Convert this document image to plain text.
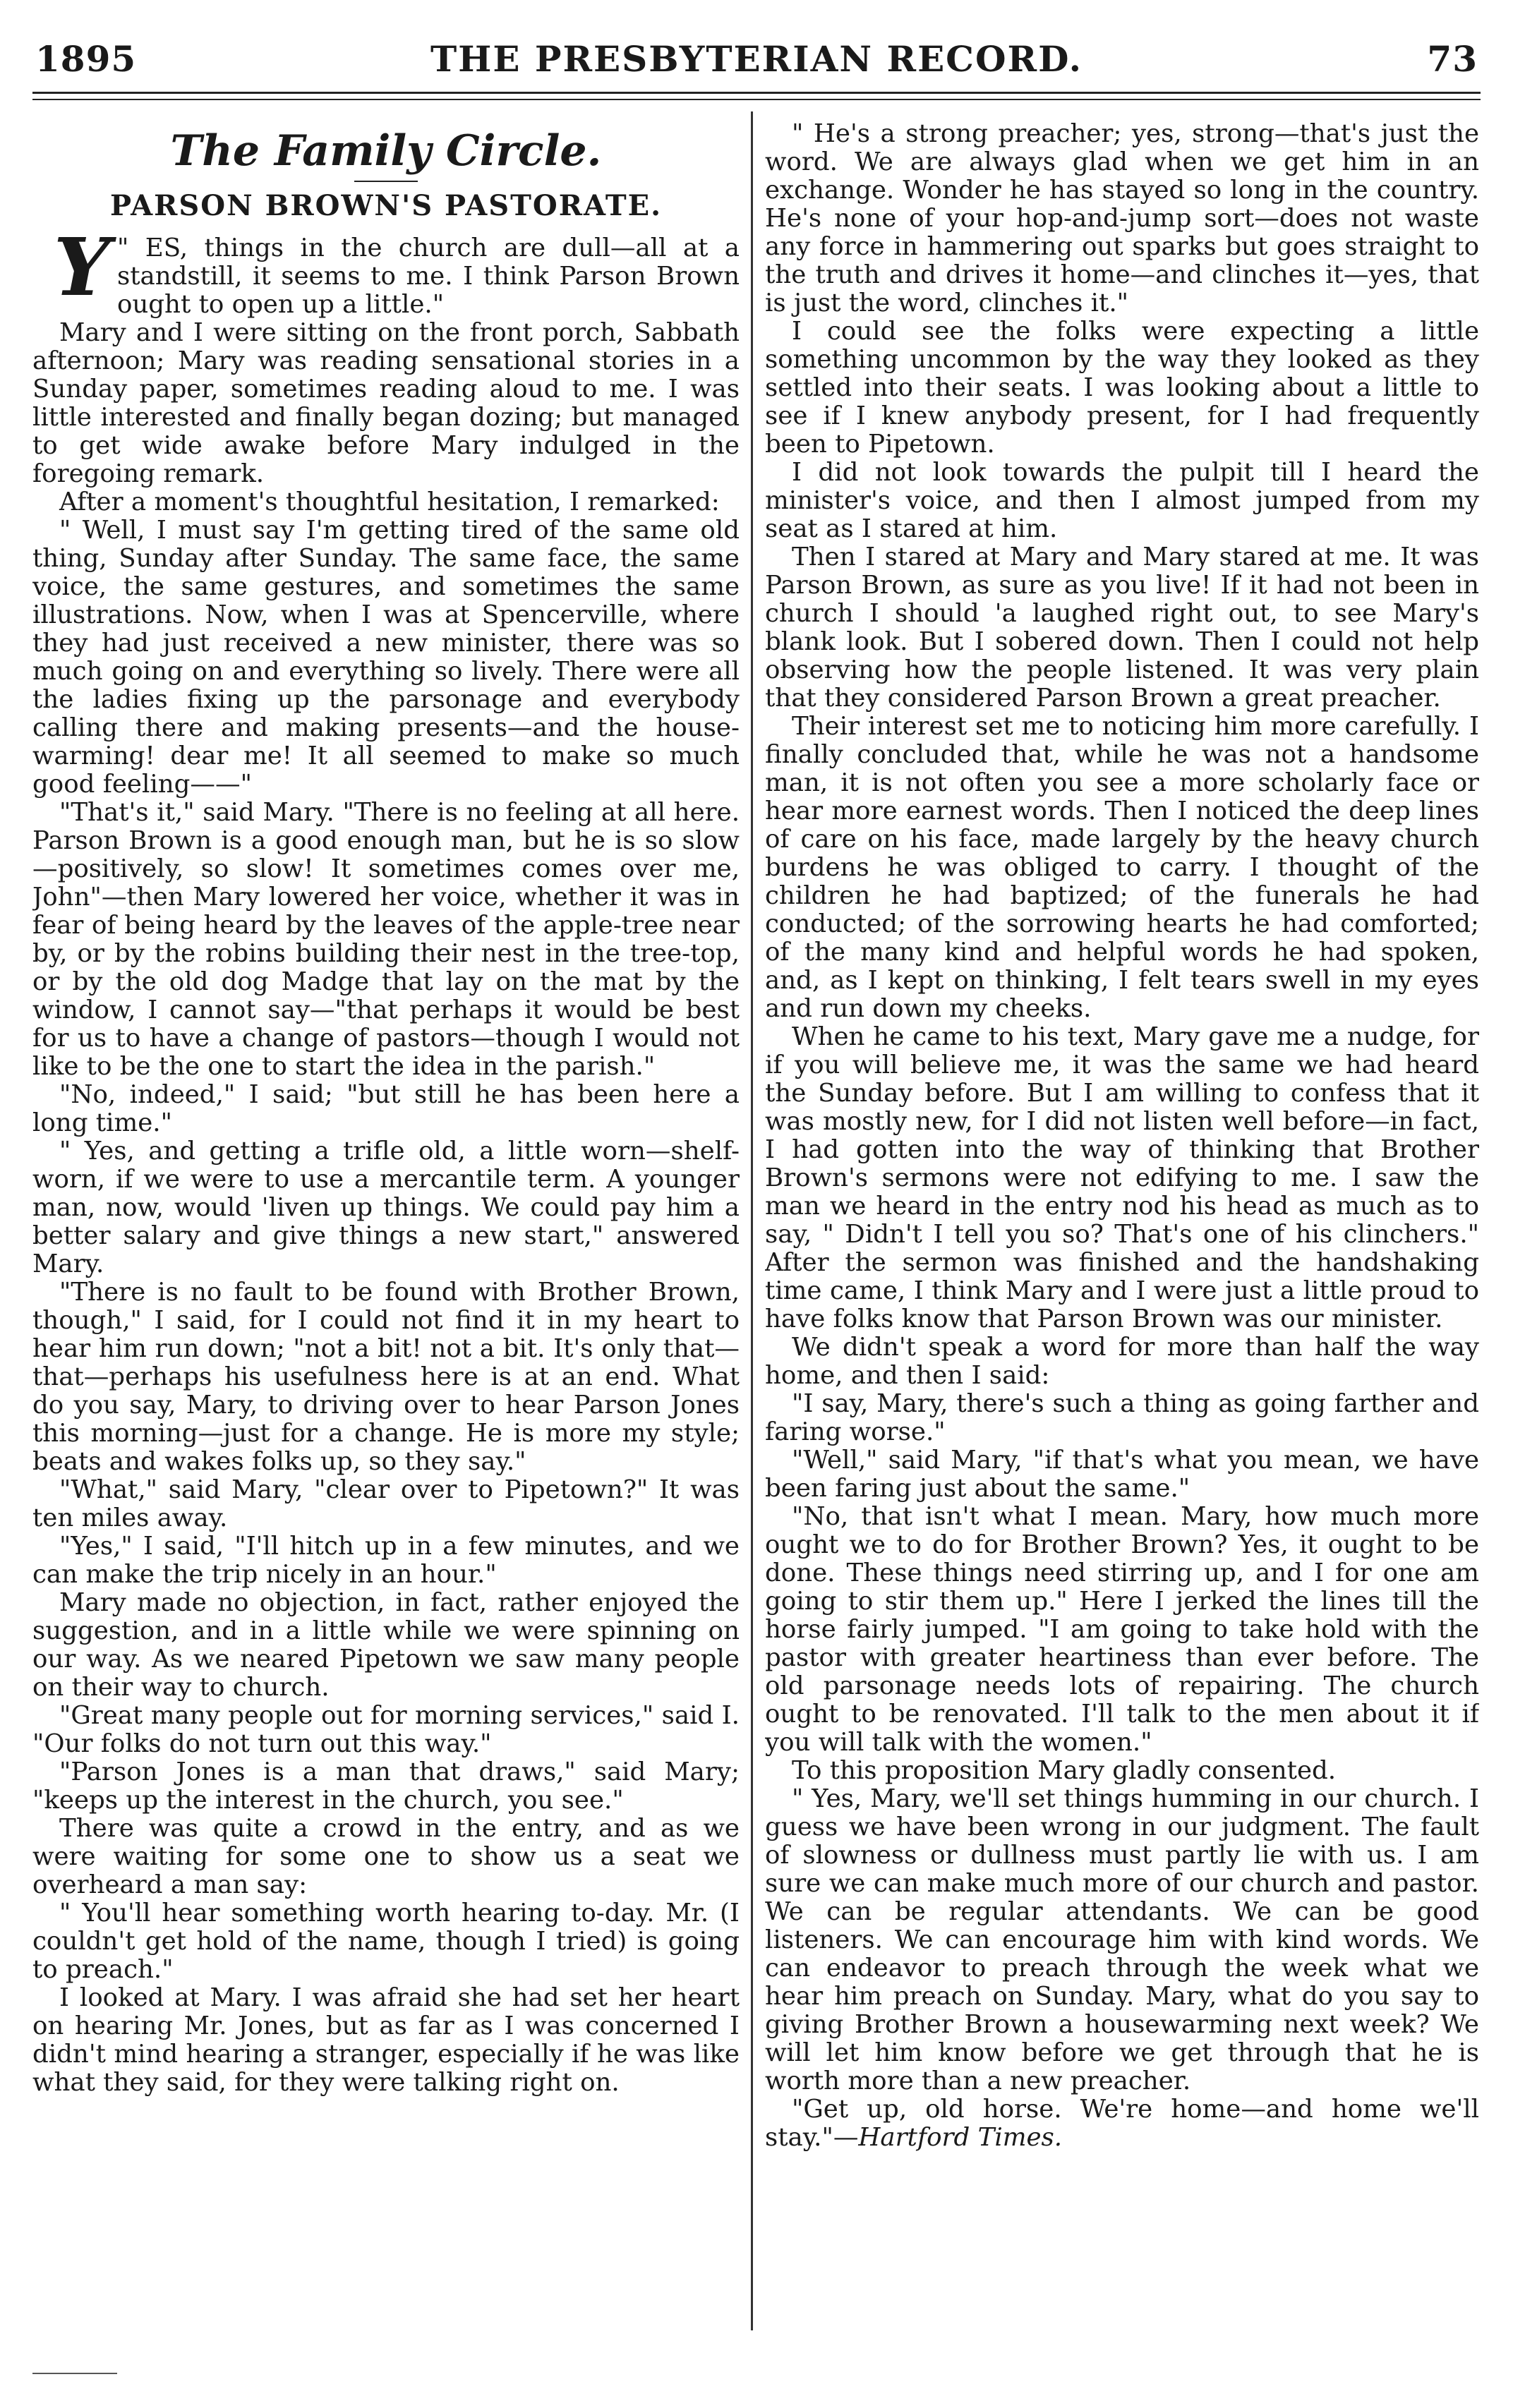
1895	THE PRESBYTERIAN RECORD.	73
The Family Circle.
PARSON BROWN'S PASTORATE.

"
Y ES, things in the church are dull—all at a standstill, it seems to me. I think Parson Brown ought to open up a little."

Mary and I were sitting on the front porch, Sabbath afternoon; Mary was reading sensational stories in a Sunday paper, sometimes reading aloud to me. I was little interested and finally began dozing; but managed to get wide awake before Mary indulged in the foregoing remark.

After a moment's thoughtful hesitation, I remarked:

" Well, I must say I'm getting tired of the same old thing, Sunday after Sunday. The same face, the same voice, the same gestures, and sometimes the same illustrations. Now, when I was at Spencerville, where they had just received a new minister, there was so much going on and everything so lively. There were all the ladies fixing up the parsonage and everybody calling there and making presents—and the house-warming! dear me! It all seemed to make so much good feeling——"

"That's it," said Mary. "There is no feeling at all here. Parson Brown is a good enough man, but he is so slow—positively, so slow! It sometimes comes over me, John"—then Mary lowered her voice, whether it was in fear of being heard by the leaves of the apple-tree near by, or by the robins building their nest in the tree-top, or by the old dog Madge that lay on the mat by the window, I cannot say—"that perhaps it would be best for us to have a change of pastors—though I would not like to be the one to start the idea in the parish."

"No, indeed," I said; "but still he has been here a long time."

" Yes, and getting a trifle old, a little worn—shelf-worn, if we were to use a mercantile term. A younger man, now, would 'liven up things. We could pay him a better salary and give things a new start," answered Mary.

"There is no fault to be found with Brother Brown, though," I said, for I could not find it in my heart to hear him run down; "not a bit! not a bit. It's only that—that—perhaps his usefulness here is at an end. What do you say, Mary, to driving over to hear Parson Jones this morning—just for a change. He is more my style; beats and wakes folks up, so they say."

"What," said Mary, "clear over to Pipetown?" It was ten miles away.

"Yes," I said, "I'll hitch up in a few minutes, and we can make the trip nicely in an hour."

Mary made no objection, in fact, rather enjoyed the suggestion, and in a little while we were spinning on our way. As we neared Pipetown we saw many people on their way to church.

"Great many people out for morning services," said I. "Our folks do not turn out this way."

"Parson Jones is a man that draws," said Mary; "keeps up the interest in the church, you see."

There was quite a crowd in the entry, and as we were waiting for some one to show us a seat we overheard a man say:

" You'll hear something worth hearing to-day. Mr. (I couldn't get hold of the name, though I tried) is going to preach."

I looked at Mary. I was afraid she had set her heart on hearing Mr. Jones, but as far as I was concerned I didn't mind hearing a stranger, especially if he was like what they said, for they were talking right on.

" He's a strong preacher; yes, strong—that's just the word. We are always glad when we get him in an exchange. Wonder he has stayed so long in the country. He's none of your hop-and-jump sort—does not waste any force in hammering out sparks but goes straight to the truth and drives it home—and clinches it—yes, that is just the word, clinches it."

I could see the folks were expecting a little something uncommon by the way they looked as they settled into their seats. I was looking about a little to see if I knew anybody present, for I had frequently been to Pipetown.

I did not look towards the pulpit till I heard the minister's voice, and then I almost jumped from my seat as I stared at him.

Then I stared at Mary and Mary stared at me. It was Parson Brown, as sure as you live! If it had not been in church I should 'a laughed right out, to see Mary's blank look. But I sobered down. Then I could not help observing how the people listened. It was very plain that they considered Parson Brown a great preacher.

Their interest set me to noticing him more carefully. I finally concluded that, while he was not a handsome man, it is not often you see a more scholarly face or hear more earnest words. Then I noticed the deep lines of care on his face, made largely by the heavy church burdens he was obliged to carry. I thought of the children he had baptized; of the funerals he had conducted; of the sorrowing hearts he had comforted; of the many kind and helpful words he had spoken, and, as I kept on thinking, I felt tears swell in my eyes and run down my cheeks.

When he came to his text, Mary gave me a nudge, for if you will believe me, it was the same we had heard the Sunday before. But I am willing to confess that it was mostly new, for I did not listen well before—in fact, I had gotten into the way of thinking that Brother Brown's sermons were not edifying to me. I saw the man we heard in the entry nod his head as much as to say, " Didn't I tell you so? That's one of his clinchers." After the sermon was finished and the handshaking time came, I think Mary and I were just a little proud to have folks know that Parson Brown was our minister.

We didn't speak a word for more than half the way home, and then I said:

"I say, Mary, there's such a thing as going farther and faring worse."

"Well," said Mary, "if that's what you mean, we have been faring just about the same."

"No, that isn't what I mean. Mary, how much more ought we to do for Brother Brown? Yes, it ought to be done. These things need stirring up, and I for one am going to stir them up." Here I jerked the lines till the horse fairly jumped. "I am going to take hold with the pastor with greater heartiness than ever before. The old parsonage needs lots of repairing. The church ought to be renovated. I'll talk to the men about it if you will talk with the women."

To this proposition Mary gladly consented.

" Yes, Mary, we'll set things humming in our church. I guess we have been wrong in our judgment. The fault of slowness or dullness must partly lie with us. I am sure we can make much more of our church and pastor. We can be regular attendants. We can be good listeners. We can encourage him with kind words. We can endeavor to preach through the week what we hear him preach on Sunday. Mary, what do you say to giving Brother Brown a housewarming next week? We will let him know before we get through that he is worth more than a new preacher.

"Get up, old horse. We're home—and home we'll stay."—Hartford Times.
